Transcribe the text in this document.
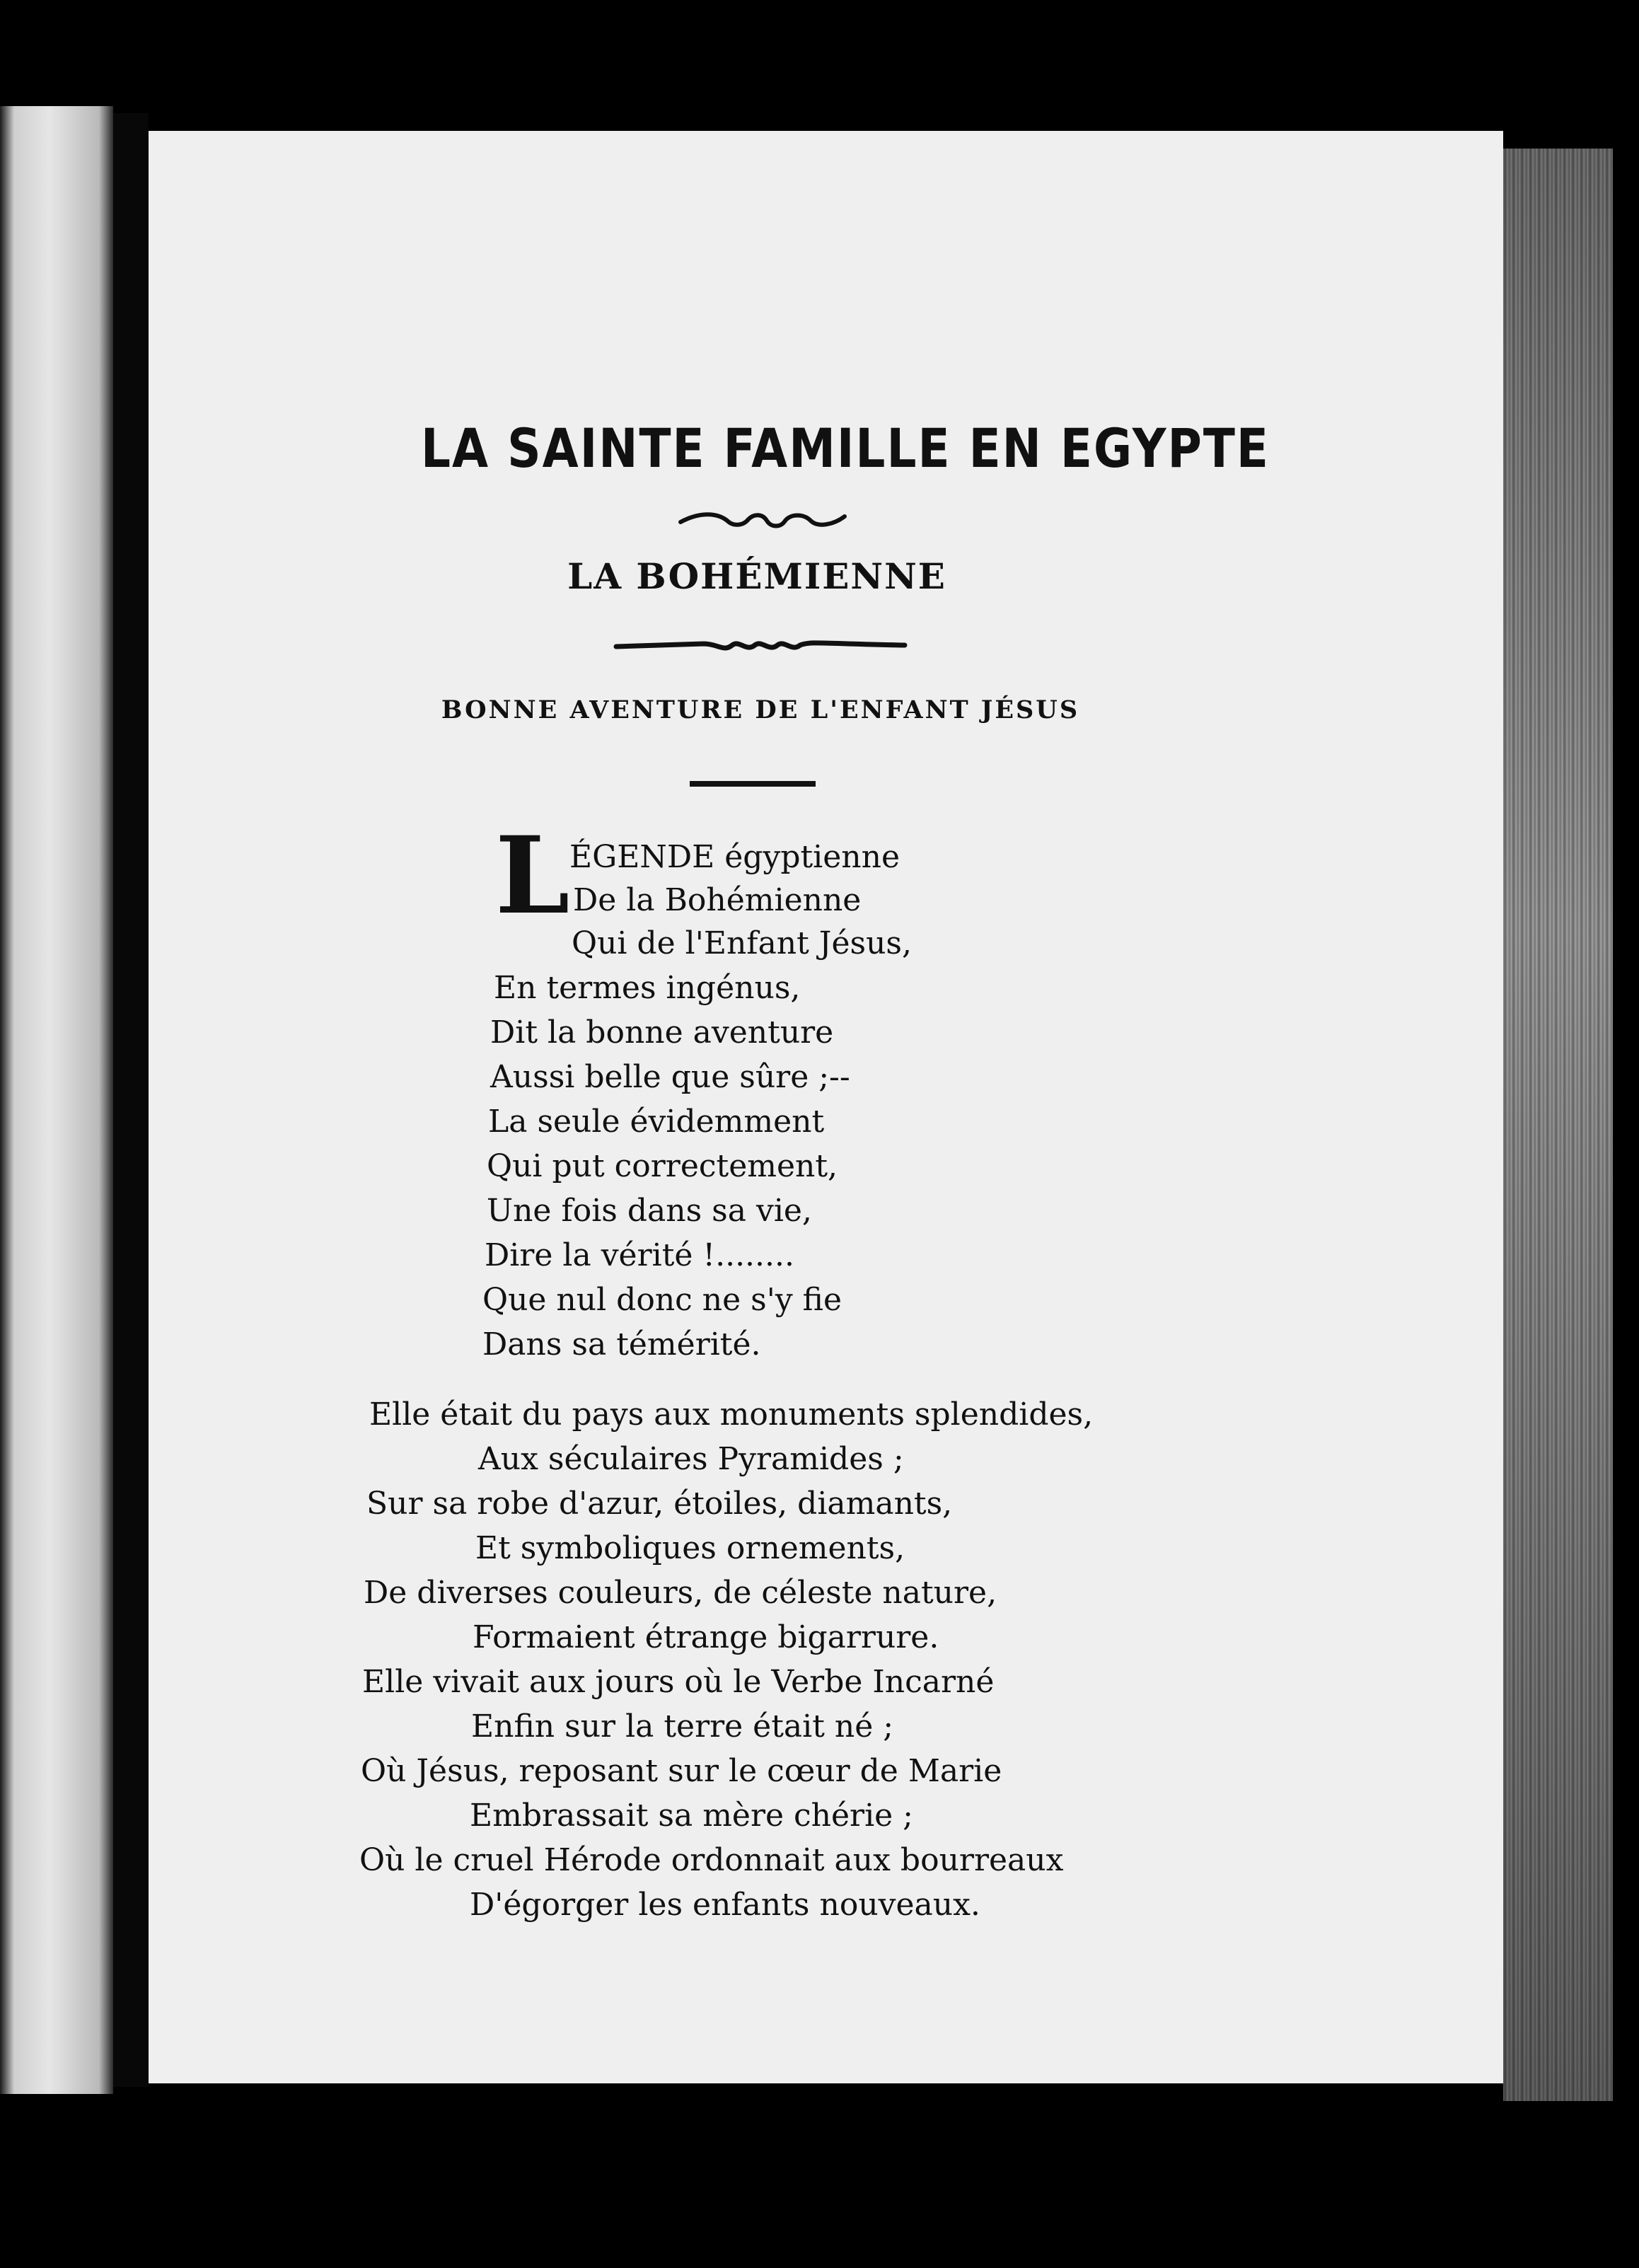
LA SAINTE FAMILLE EN EGYPTE
LA BOHÉMIENNE
BONNE AVENTURE DE L'ENFANT JÉSUS
L ÉGENDE égyptienne

De la Bohémienne

Qui de l'Enfant Jésus,

En termes ingénus,

Dit la bonne aventure

Aussi belle que sûre ;--

La seule évidemment

Qui put correctement,

Une fois dans sa vie,

Dire la vérité !........

Que nul donc ne s'y fie

Dans sa témérité.

Elle était du pays aux monuments splendides,

Aux séculaires Pyramides ;

Sur sa robe d'azur, étoiles, diamants,

Et symboliques ornements,

De diverses couleurs, de céleste nature,

Formaient étrange bigarrure.

Elle vivait aux jours où le Verbe Incarné

Enfin sur la terre était né ;

Où Jésus, reposant sur le cœur de Marie

Embrassait sa mère chérie ;

Où le cruel Hérode ordonnait aux bourreaux

D'égorger les enfants nouveaux.
